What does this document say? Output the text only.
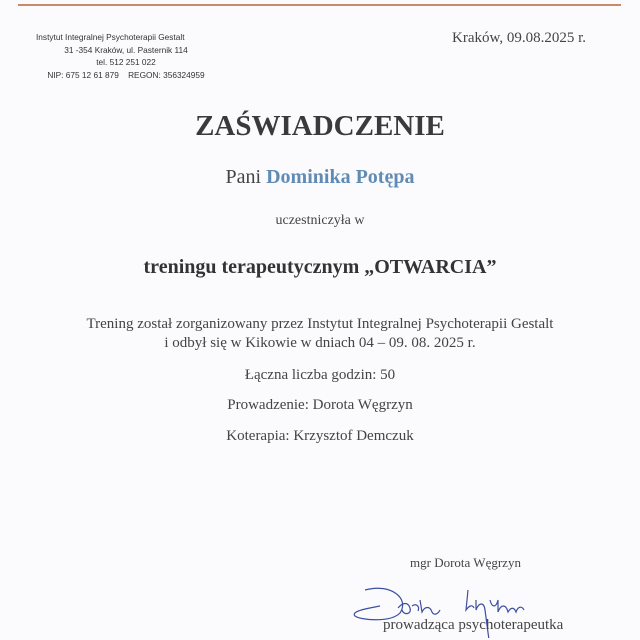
Instytut Integralnej Psychoterapii Gestalt
31 -354 Kraków, ul. Pasternik 114
tel. 512 251 022
NIP: 675 12 61 879    REGON: 356324959
Kraków, 09.08.2025 r.
ZAŚWIADCZENIE
Pani Dominika Potępa
uczestniczyła w
treningu terapeutycznym „OTWARCIA”
Trening został zorganizowany przez Instytut Integralnej Psychoterapii Gestalt
i odbył się w Kikowie w dniach 04 – 09. 08. 2025 r.
Łączna liczba godzin: 50
Prowadzenie: Dorota Węgrzyn
Koterapia: Krzysztof Demczuk
mgr Dorota Węgrzyn
prowadząca psychoterapeutka
